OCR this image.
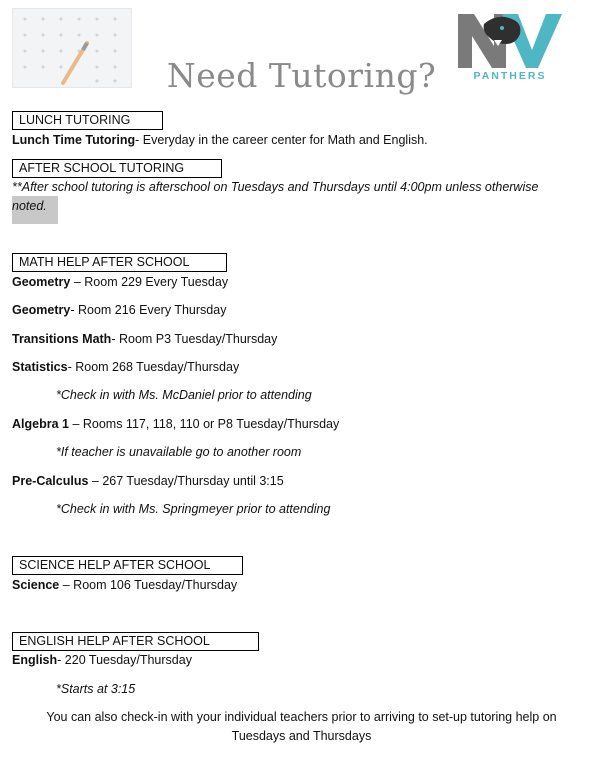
Need Tutoring?	PANTHERS
LUNCH TUTORING
Lunch Time Tutoring- Everyday in the career center for Math and English.
AFTER SCHOOL TUTORING
**After school tutoring is afterschool on Tuesdays and Thursdays until 4:00pm unless otherwise
noted.
MATH HELP AFTER SCHOOL
Geometry – Room 229 Every Tuesday
Geometry- Room 216 Every Thursday
Transitions Math- Room P3 Tuesday/Thursday
Statistics- Room 268 Tuesday/Thursday
*Check in with Ms. McDaniel prior to attending
Algebra 1 – Rooms 117, 118, 110 or P8 Tuesday/Thursday
*If teacher is unavailable go to another room
Pre-Calculus – 267 Tuesday/Thursday until 3:15
*Check in with Ms. Springmeyer prior to attending
SCIENCE HELP AFTER SCHOOL
Science – Room 106 Tuesday/Thursday
ENGLISH HELP AFTER SCHOOL
English- 220 Tuesday/Thursday
*Starts at 3:15
You can also check-in with your individual teachers prior to arriving to set-up tutoring help on
Tuesdays and Thursdays
